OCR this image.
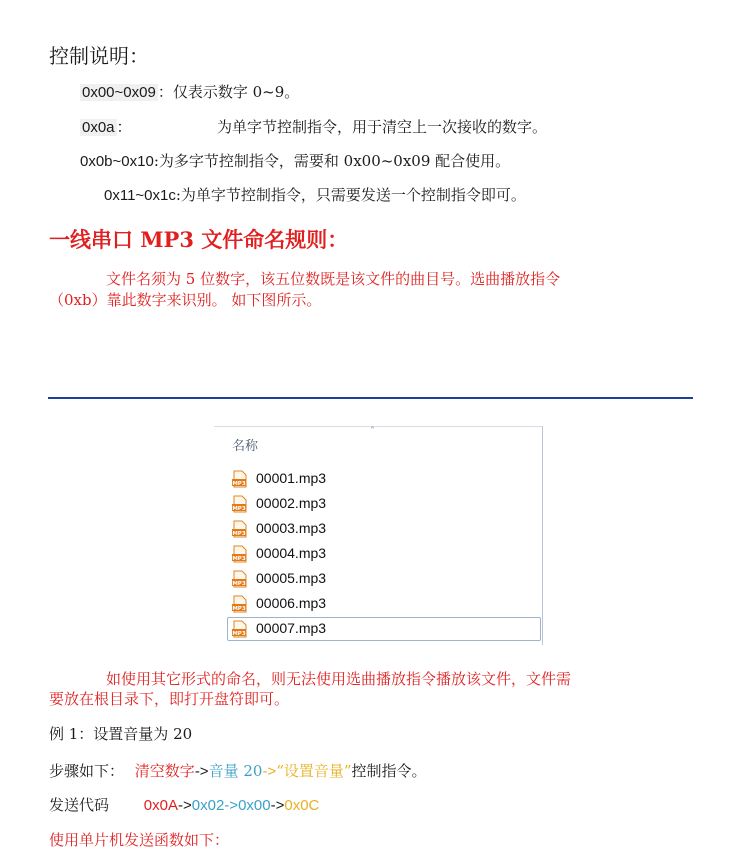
控制说明：
0x00~0x09 ：仅表示数字 0~9。
0x0a ：	为单字节控制指令，用于清空上一次接收的数字。
0x0b~0x10:为多字节控制指令，需要和 0x00~0x09 配合使用。
0x11~0x1c:为单字节控制指令，只需要发送一个控制指令即可。
一线串口 MP3 文件命名规则：
文件名须为 5 位数字，该五位数既是该文件的曲目号。选曲播放指令
（0xb）靠此数字来识别。 如下图所示。
ˆ
名称
MP3 00001.mp3
MP3 00002.mp3
MP3 00003.mp3
MP3 00004.mp3
MP3 00005.mp3
MP3 00006.mp3
MP3 00007.mp3
如使用其它形式的命名，则无法使用选曲播放指令播放该文件，文件需
要放在根目录下，即打开盘符即可。
例 1：设置音量为 20
步骤如下： 清空数字->音量 20->“设置音量”控制指令。
发送代码 0x0A->0x02->0x00->0x0C
使用单片机发送函数如下：
